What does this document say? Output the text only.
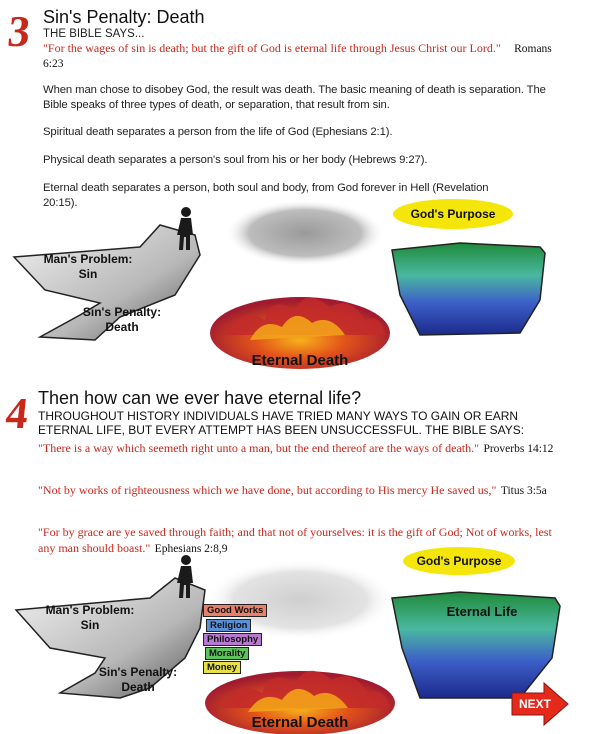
3 Sin's Penalty: Death
THE BIBLE SAYS...
"For the wages of sin is death; but the gift of God is eternal life through Jesus Christ our Lord." Romans 6:23
When man chose to disobey God, the result was death. The basic meaning of death is separation. The Bible speaks of three types of death, or separation, that result from sin.
Spiritual death separates a person from the life of God (Ephesians 2:1).
Physical death separates a person's soul from his or her body (Hebrews 9:27).
Eternal death separates a person, both soul and body, from God forever in Hell (Revelation 20:15).
God's Purpose
Man's Problem:
Sin
Sin's Penalty:
Death
Eternal Death
4 Then how can we ever have eternal life?
THROUGHOUT HISTORY INDIVIDUALS HAVE TRIED MANY WAYS TO GAIN OR EARN ETERNAL LIFE, BUT EVERY ATTEMPT HAS BEEN UNSUCCESSFUL. THE BIBLE SAYS:
"There is a way which seemeth right unto a man, but the end thereof are the ways of death." Proverbs 14:12
"Not by works of righteousness which we have done, but according to His mercy He saved us," Titus 3:5a
"For by grace are ye saved through faith; and that not of yourselves: it is the gift of God; Not of works, lest any man should boast." Ephesians 2:8,9
God's Purpose
Eternal Life
Man's Problem:
Sin
Sin's Penalty:
Death
Good Works
Religion
Philosophy
Morality
Money
Eternal Death
NEXT
